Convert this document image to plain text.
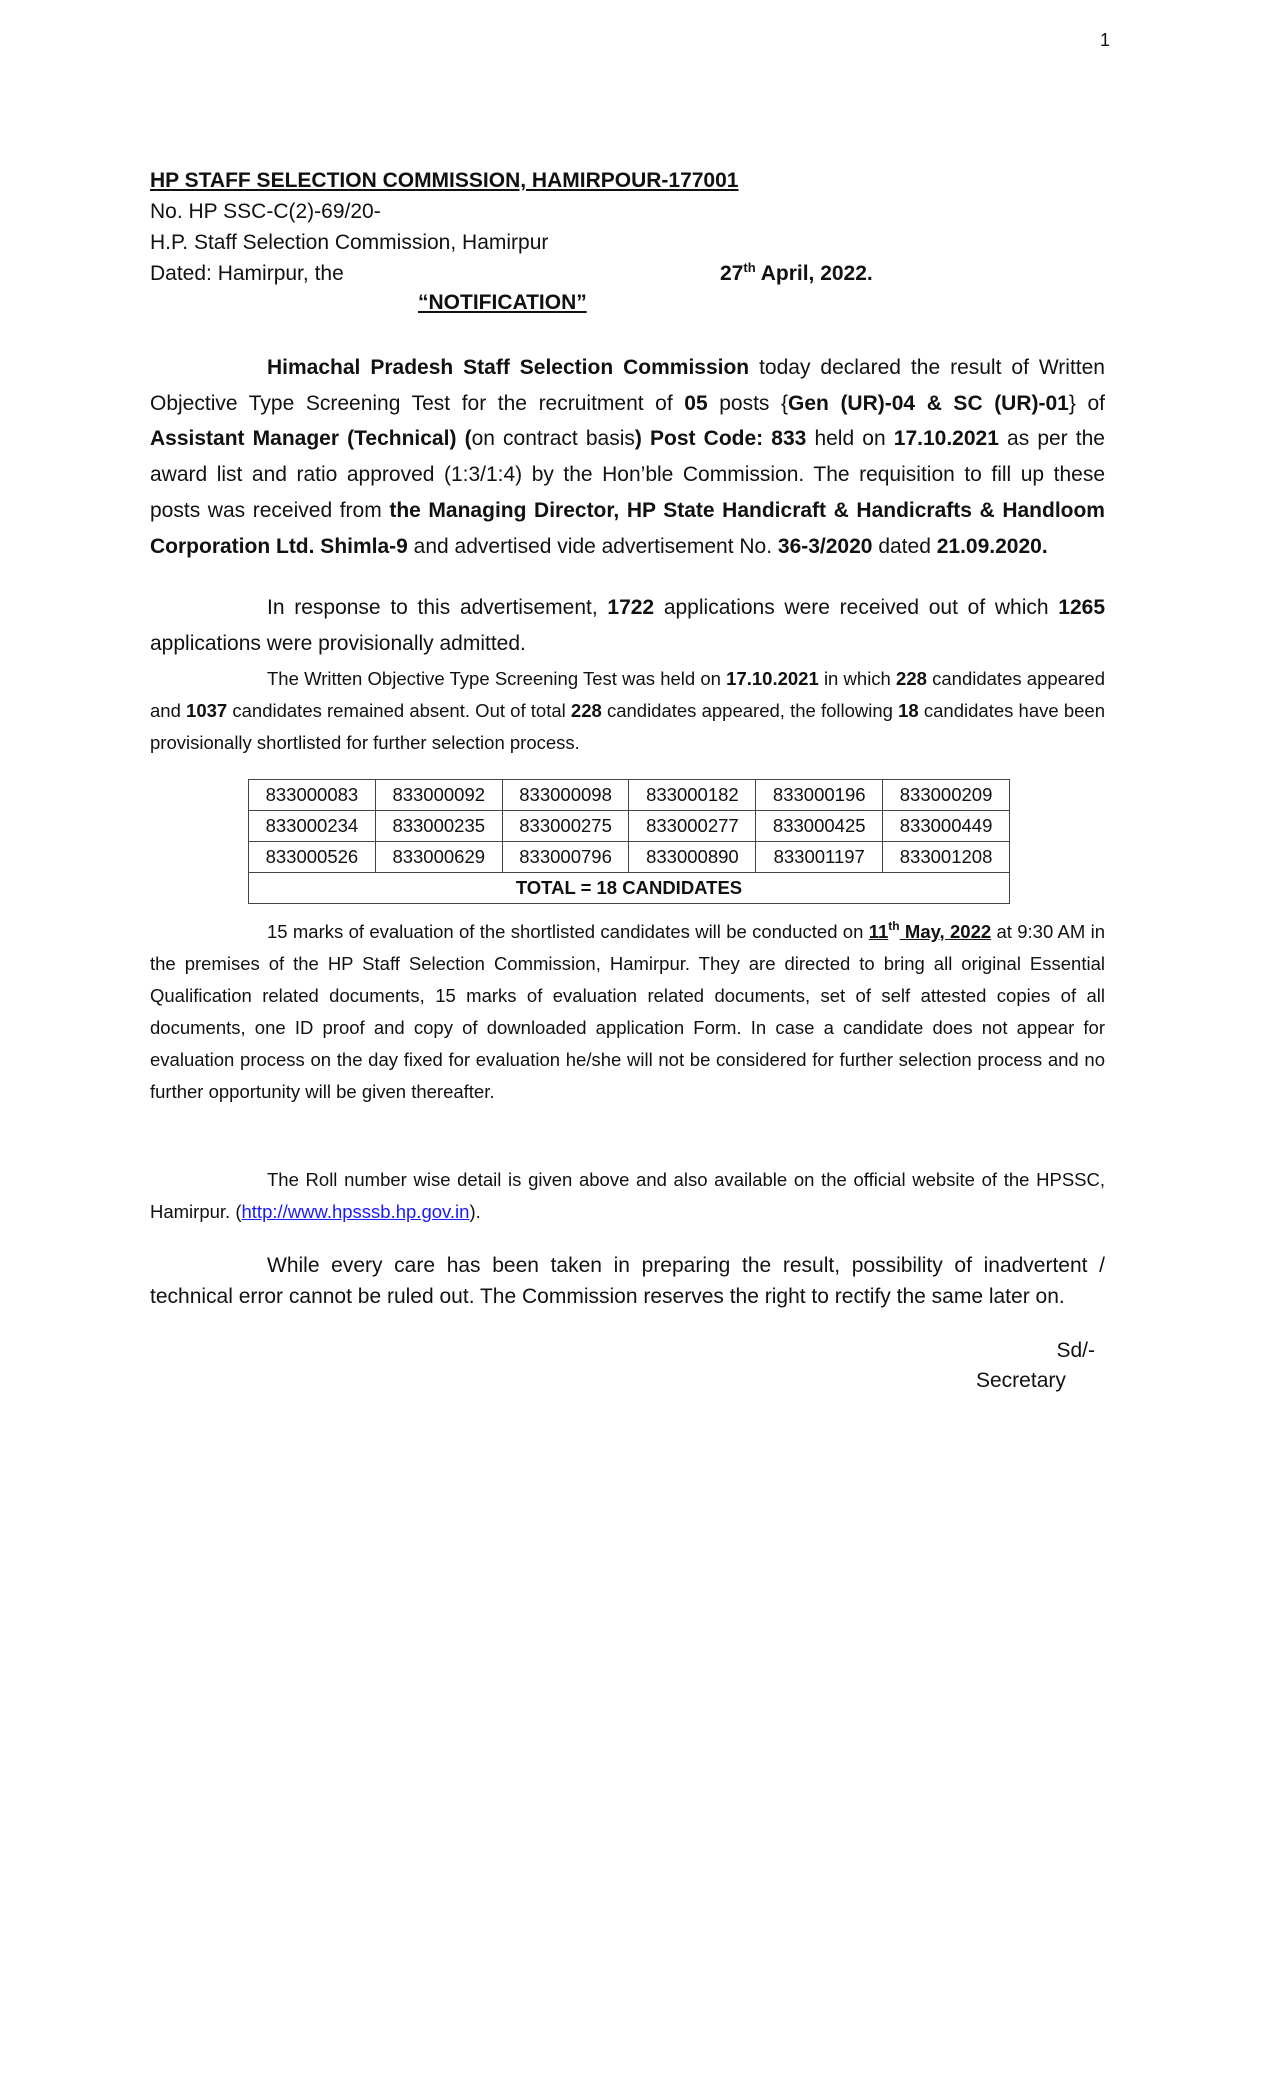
1
HP STAFF SELECTION COMMISSION, HAMIRPOUR-177001
No. HP SSC-C(2)-69/20-
H.P. Staff Selection Commission, Hamirpur
Dated: Hamirpur, the	27th April, 2022.
“NOTIFICATION”
Himachal Pradesh Staff Selection Commission today declared the result of Written Objective Type Screening Test for the recruitment of 05 posts {Gen (UR)-04 & SC (UR)-01} of Assistant Manager (Technical) (on contract basis) Post Code: 833 held on 17.10.2021 as per the award list and ratio approved (1:3/1:4) by the Hon’ble Commission. The requisition to fill up these posts was received from the Managing Director, HP State Handicraft & Handicrafts & Handloom Corporation Ltd. Shimla-9 and advertised vide advertisement No. 36-3/2020 dated 21.09.2020.
In response to this advertisement, 1722 applications were received out of which 1265 applications were provisionally admitted.
The Written Objective Type Screening Test was held on 17.10.2021 in which 228 candidates appeared and 1037 candidates remained absent. Out of total 228 candidates appeared, the following 18 candidates have been provisionally shortlisted for further selection process.
833000083	833000092	833000098	833000182	833000196	833000209
833000234	833000235	833000275	833000277	833000425	833000449
833000526	833000629	833000796	833000890	833001197	833001208
TOTAL = 18 CANDIDATES					
15 marks of evaluation of the shortlisted candidates will be conducted on 11th May, 2022 at 9:30 AM in the premises of the HP Staff Selection Commission, Hamirpur. They are directed to bring all original Essential Qualification related documents, 15 marks of evaluation related documents, set of self attested copies of all documents, one ID proof and copy of downloaded application Form. In case a candidate does not appear for evaluation process on the day fixed for evaluation he/she will not be considered for further selection process and no further opportunity will be given thereafter.
The Roll number wise detail is given above and also available on the official website of the HPSSC, Hamirpur. (http://www.hpsssb.hp.gov.in).
While every care has been taken in preparing the result, possibility of inadvertent / technical error cannot be ruled out. The Commission reserves the right to rectify the same later on.
Sd/-
Secretary
